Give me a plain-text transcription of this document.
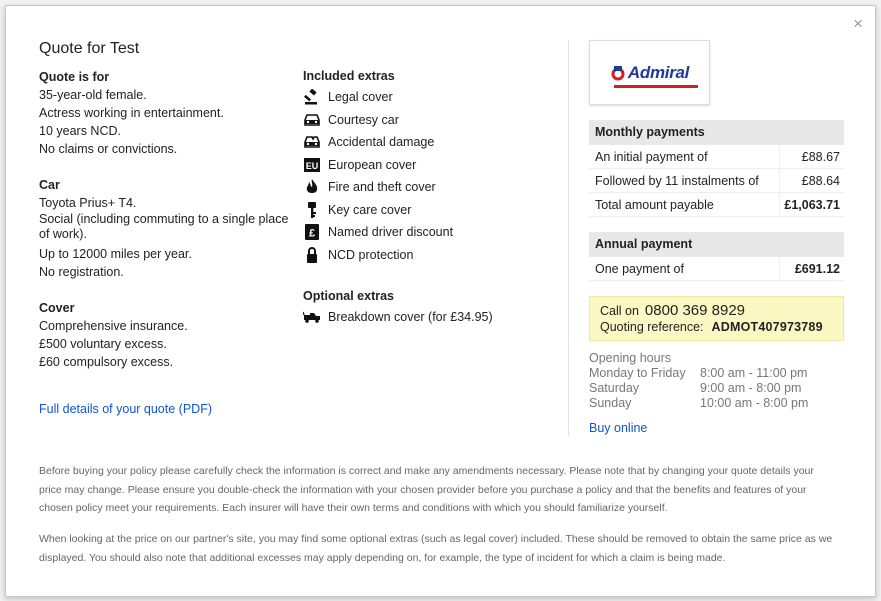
×
Quote for Test
Quote is for

35-year-old female.

Actress working in entertainment.

10 years NCD.

No claims or convictions.

Car

Toyota Prius+ T4.

Social (including commuting to a single place of work).

Up to 12000 miles per year.

No registration.

Cover

Comprehensive insurance.

£500 voluntary excess.

£60 compulsory excess.

Full details of your quote (PDF)
Included extras
Legal cover
Courtesy car
Accidental damage
EU European cover
Fire and theft cover
Key care cover
£ Named driver discount
NCD protection
Optional extras
Breakdown cover (for £34.95)
Admiral
Monthly payments
An initial payment of	£88.67
Followed by 11 instalments of	£88.64
Total amount payable	£1,063.71
Annual payment
One payment of	£691.12
Call on 0800 369 8929
Quoting reference: ADMOT407973789
Opening hours
Monday to Friday	8:00 am - 11:00 pm
Saturday	9:00 am - 8:00 pm
Sunday	10:00 am - 8:00 pm
Buy online
Before buying your policy please carefully check the information is correct and make any amendments necessary. Please note that by changing your quote details your price may change. Please ensure you double-check the information with your chosen provider before you purchase a policy and that the benefits and features of your chosen policy meet your requirements. Each insurer will have their own terms and conditions with which you should familiarize yourself.
When looking at the price on our partner's site, you may find some optional extras (such as legal cover) included. These should be removed to obtain the same price as we displayed. You should also note that additional excesses may apply depending on, for example, the type of incident for which a claim is being made.
